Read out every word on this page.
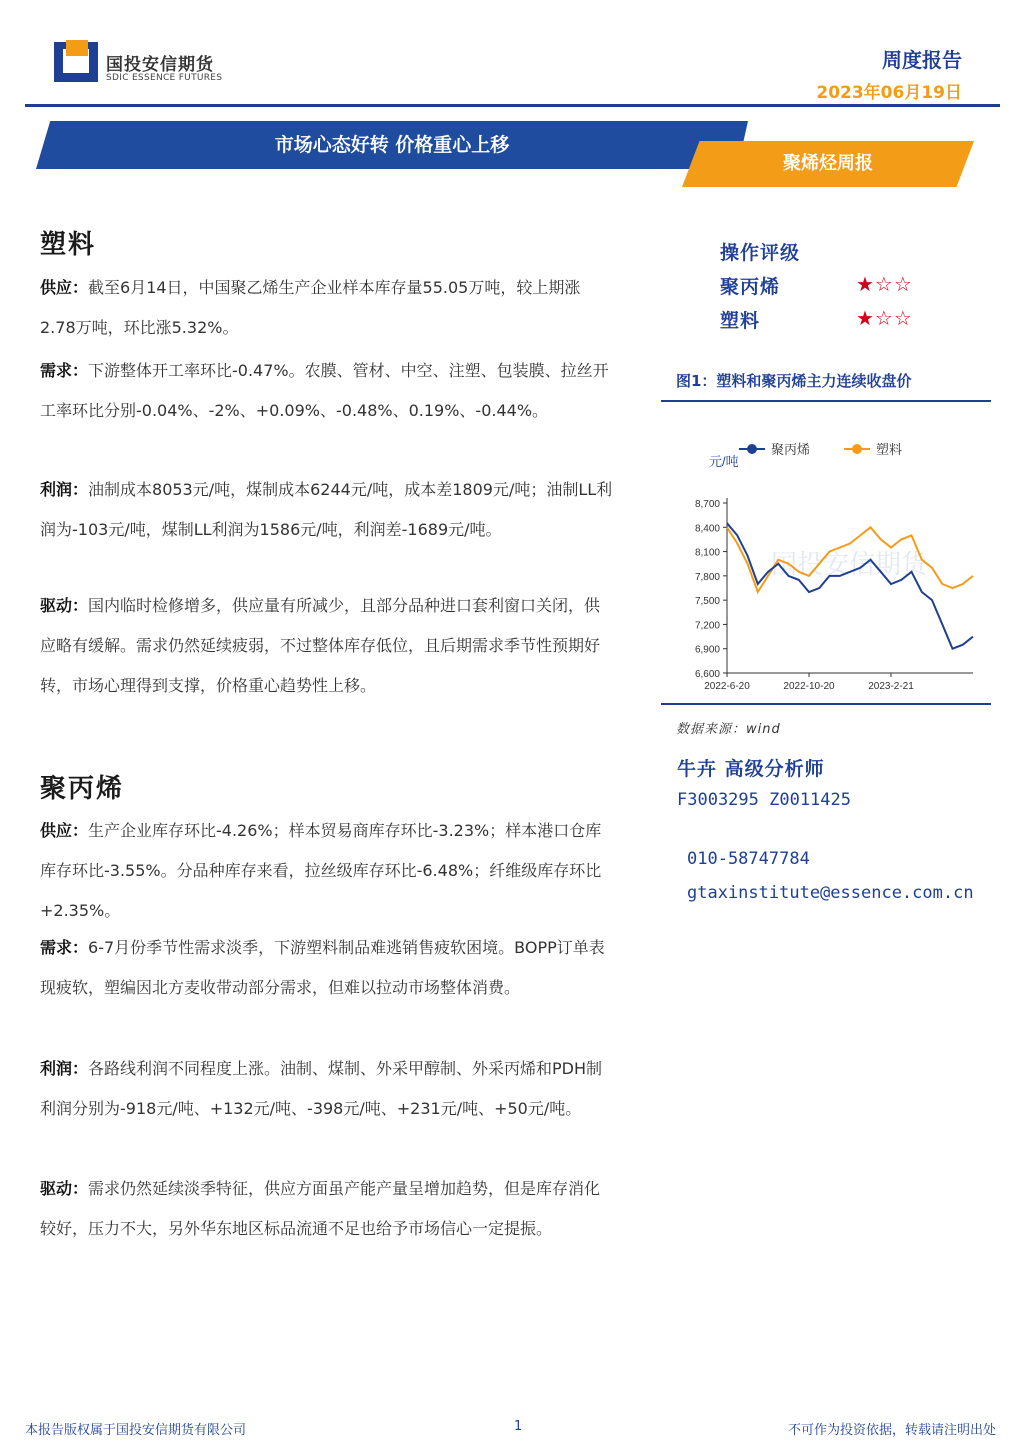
国投安信期货
SDIC ESSENCE FUTURES
周度报告
2023年06月19日
市场心态好转 价格重心上移
聚烯烃周报
塑料
供应：截至6月14日，中国聚乙烯生产企业样本库存量55.05万吨，较上期涨2.78万吨，环比涨5.32%。
需求：下游整体开工率环比-0.47%。农膜、管材、中空、注塑、包装膜、拉丝开工率环比分别-0.04%、-2%、+0.09%、-0.48%、0.19%、-0.44%。
利润：油制成本8053元/吨，煤制成本6244元/吨，成本差1809元/吨；油制LL利润为-103元/吨，煤制LL利润为1586元/吨，利润差-1689元/吨。
驱动：国内临时检修增多，供应量有所减少，且部分品种进口套利窗口关闭，供应略有缓解。需求仍然延续疲弱，不过整体库存低位，且后期需求季节性预期好转，市场心理得到支撑，价格重心趋势性上移。
聚丙烯
供应：生产企业库存环比-4.26%；样本贸易商库存环比-3.23%；样本港口仓库库存环比-3.55%。分品种库存来看，拉丝级库存环比-6.48%；纤维级库存环比+2.35%。
需求：6-7月份季节性需求淡季，下游塑料制品难逃销售疲软困境。BOPP订单表现疲软，塑编因北方麦收带动部分需求，但难以拉动市场整体消费。
利润：各路线利润不同程度上涨。油制、煤制、外采甲醇制、外采丙烯和PDH制利润分别为-918元/吨、+132元/吨、-398元/吨、+231元/吨、+50元/吨。
驱动：需求仍然延续淡季特征，供应方面虽产能产量呈增加趋势，但是库存消化较好，压力不大，另外华东地区标品流通不足也给予市场信心一定提振。
操作评级
聚丙烯	★☆☆
塑料	★☆☆
图1：塑料和聚丙烯主力连续收盘价
国投安信期货
聚丙烯	塑料
元/吨
8,700
8,400
8,100
7,800
7,500
7,200
6,900
6,600
2022-6-20	2022-10-20	2023-2-21
数据来源：wind
牛卉 高级分析师
F3003295 Z0011425
010-58747784
gtaxinstitute@essence.com.cn
本报告版权属于国投安信期货有限公司	1	不可作为投资依据，转载请注明出处
